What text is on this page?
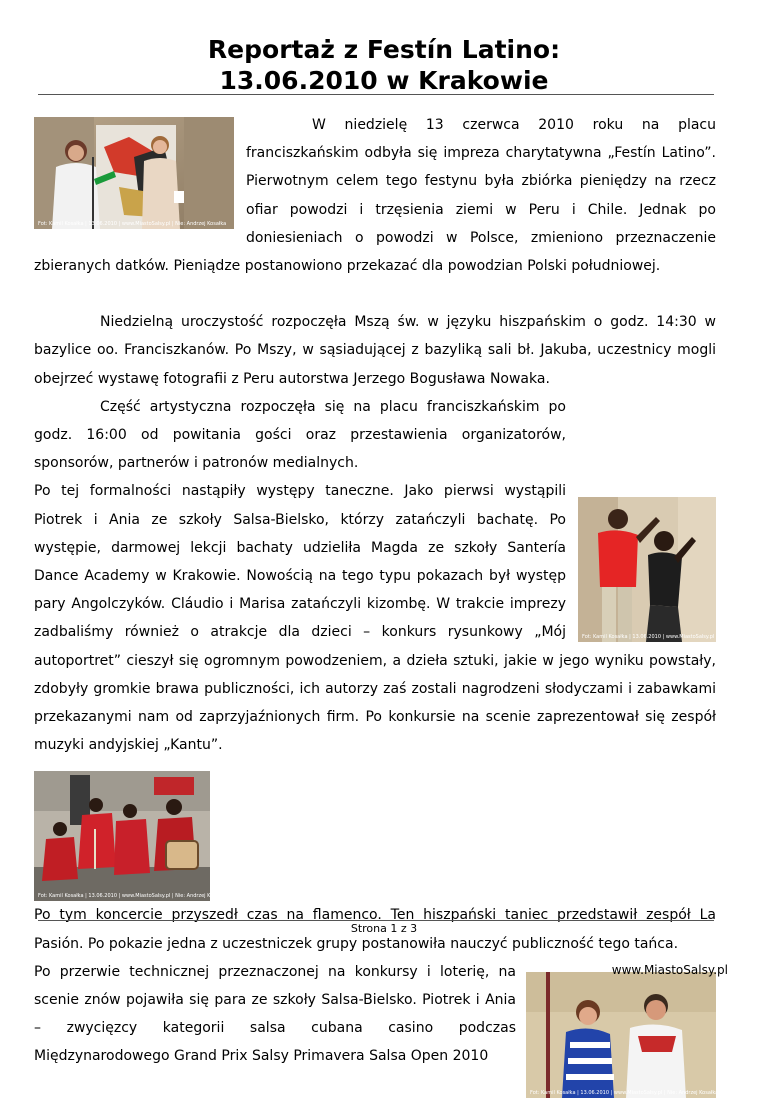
Reportaż z Festín Latino:
13.06.2010 w Krakowie
Fot: Kamil Kosałka | 13.06.2010 | www.MiastoSalsy.pl | Nie: Andrzej Kosałka

W niedzielę 13 czerwca 2010 roku na placu franciszkańskim odbyła się impreza charytatywna „Festín Latino”. Pierwotnym celem tego festynu była zbiórka pieniędzy na rzecz ofiar powodzi i trzęsienia ziemi w Peru i Chile. Jednak po doniesieniach o powodzi w Polsce, zmieniono przeznaczenie zbieranych datków. Pieniądze postanowiono przekazać dla powodzian Polski południowej.

Niedzielną uroczystość rozpoczęła Mszą św. w języku hiszpańskim o godz. 14:30 w bazylice oo. Franciszkanów. Po Mszy, w sąsiadującej z bazyliką sali bł. Jakuba, uczestnicy mogli obejrzeć wystawę fotografii z Peru autorstwa Jerzego Bogusława Nowaka.

Fot: Kamil Kosałka | 13.06.2010 | www.MiastoSalsy.pl | Nie: Andrzej

Część artystyczna rozpoczęła się na placu franciszkańskim po godz. 16:00 od powitania gości oraz przestawienia organizatorów, sponsorów, partnerów i patronów medialnych.

Po tej formalności nastąpiły występy taneczne. Jako pierwsi wystąpili Piotrek i Ania ze szkoły Salsa-Bielsko, którzy zatańczyli bachatę. Po występie, darmowej lekcji bachaty udzieliła Magda ze szkoły Santería Dance Academy w Krakowie. Nowością na tego typu pokazach był występ pary Angolczyków. Cláudio i Marisa zatańczyli kizombę. W trakcie imprezy zadbaliśmy również o atrakcje dla dzieci – konkurs rysunkowy „Mój autoportret” cieszył się ogromnym powodzeniem, a dzieła sztuki, jakie w jego wyniku powstały, zdobyły gromkie brawa publiczności, ich autorzy zaś zostali nagrodzeni słodyczami i zabawkami przekazanymi nam od zaprzyjaźnionych firm. Po konkursie na scenie zaprezentował się zespół muzyki andyjskiej „Kantu”.

Fot: Kamil Kosałka | 13.06.2010 | www.MiastoSalsy.pl | Nie: Andrzej Kosałka

Po tym koncercie przyszedł czas na flamenco. Ten hiszpański taniec przedstawił zespół La Pasión. Po pokazie jedna z uczestniczek grupy postanowiła nauczyć publiczność tego tańca.

Fot: Kamil Kosałka | 13.06.2010 | www.MiastoSalsy.pl | Nie: Andrzej Kosałka

Po przerwie technicznej przeznaczonej na konkursy i loterię, na scenie znów pojawiła się para ze szkoły Salsa-Bielsko. Piotrek i Ania – zwycięzcy kategorii salsa cubana casino podczas Międzynarodowego Grand Prix Salsy Primavera Salsa Open 2010

Strona 1 z 3
www.MiastoSalsy.pl
